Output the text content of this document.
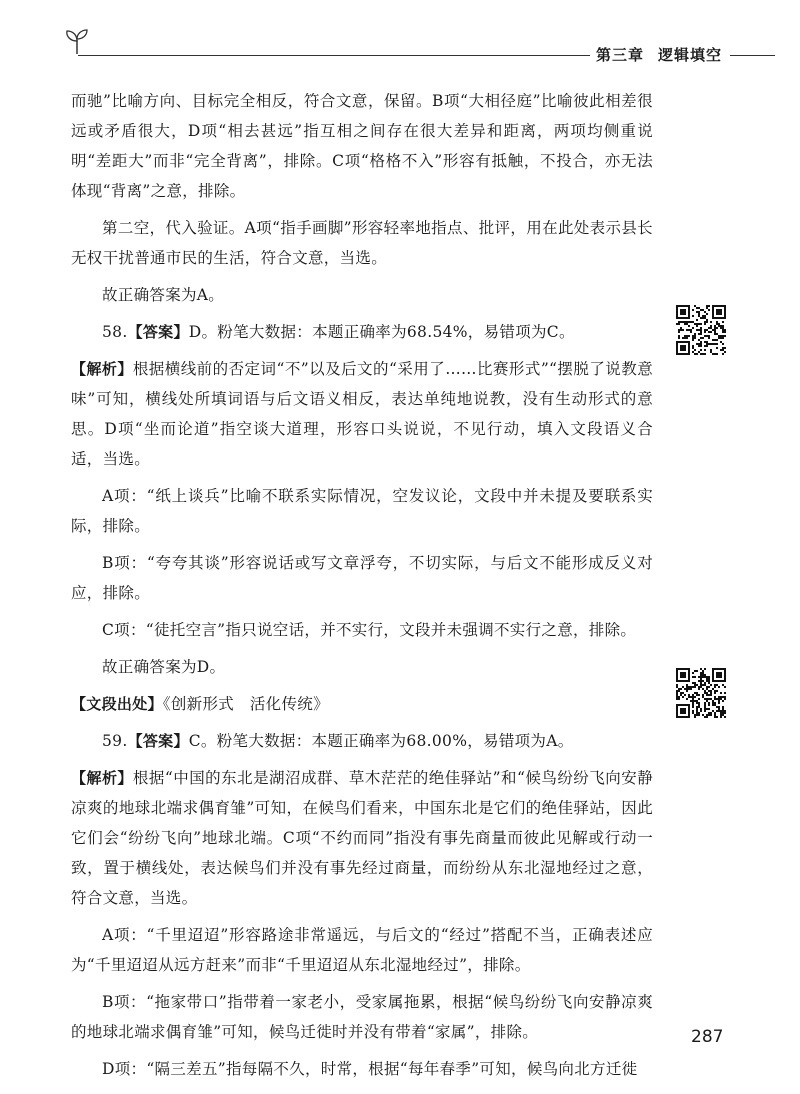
第三章 逻辑填空

而驰”比喻方向、目标完全相反，符合文意，保留。B项“大相径庭”比喻彼此相差很远或矛盾很大，D项“相去甚远”指互相之间存在很大差异和距离，两项均侧重说明“差距大”而非“完全背离”，排除。C项“格格不入”形容有抵触，不投合，亦无法体现“背离”之意，排除。

第二空，代入验证。A项“指手画脚”形容轻率地指点、批评，用在此处表示县长无权干扰普通市民的生活，符合文意，当选。

故正确答案为A。

58.【答案】D。粉笔大数据：本题正确率为68.54%，易错项为C。

【解析】根据横线前的否定词“不”以及后文的“采用了……比赛形式”“摆脱了说教意味”可知，横线处所填词语与后文语义相反，表达单纯地说教，没有生动形式的意思。D项“坐而论道”指空谈大道理，形容口头说说，不见行动，填入文段语义合适，当选。

A项：“纸上谈兵”比喻不联系实际情况，空发议论，文段中并未提及要联系实际，排除。

B项：“夸夸其谈”形容说话或写文章浮夸，不切实际，与后文不能形成反义对应，排除。

C项：“徒托空言”指只说空话，并不实行，文段并未强调不实行之意，排除。

故正确答案为D。

【文段出处】《创新形式　活化传统》

59.【答案】C。粉笔大数据：本题正确率为68.00%，易错项为A。

【解析】根据“中国的东北是湖沼成群、草木茫茫的绝佳驿站”和“候鸟纷纷飞向安静凉爽的地球北端求偶育雏”可知，在候鸟们看来，中国东北是它们的绝佳驿站，因此它们会“纷纷飞向”地球北端。C项“不约而同”指没有事先商量而彼此见解或行动一致，置于横线处，表达候鸟们并没有事先经过商量，而纷纷从东北湿地经过之意，符合文意，当选。

A项：“千里迢迢”形容路途非常遥远，与后文的“经过”搭配不当，正确表述应为“千里迢迢从远方赶来”而非“千里迢迢从东北湿地经过”，排除。

B项：“拖家带口”指带着一家老小，受家属拖累，根据“候鸟纷纷飞向安静凉爽的地球北端求偶育雏”可知，候鸟迁徙时并没有带着“家属”，排除。

D项：“隔三差五”指每隔不久，时常，根据“每年春季”可知，候鸟向北方迁徙

287
